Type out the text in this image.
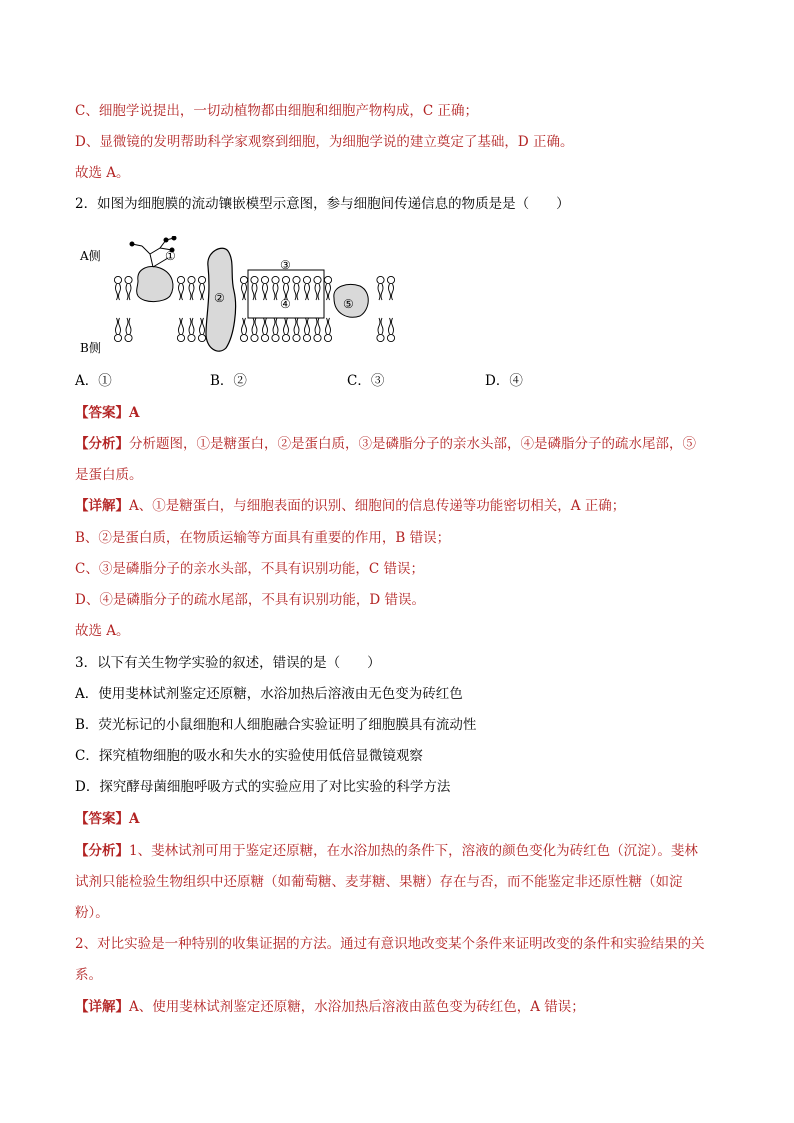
C、细胞学说提出，一切动植物都由细胞和细胞产物构成，C 正确；
D、显微镜的发明帮助科学家观察到细胞，为细胞学说的建立奠定了基础，D 正确。
故选 A。
2．如图为细胞膜的流动镶嵌模型示意图，参与细胞间传递信息的物质是是（　　）
A侧
B侧
①
②
③
④	⑤
A．①	B．②	C．③	D．④
【答案】A
【分析】分析题图，①是糖蛋白，②是蛋白质，③是磷脂分子的亲水头部，④是磷脂分子的疏水尾部，⑤
是蛋白质。
【详解】A、①是糖蛋白，与细胞表面的识别、细胞间的信息传递等功能密切相关，A 正确；
B、②是蛋白质，在物质运输等方面具有重要的作用，B 错误；
C、③是磷脂分子的亲水头部，不具有识别功能，C 错误；
D、④是磷脂分子的疏水尾部，不具有识别功能，D 错误。
故选 A。
3．以下有关生物学实验的叙述，错误的是（　　）
A．使用斐林试剂鉴定还原糖，水浴加热后溶液由无色变为砖红色
B．荧光标记的小鼠细胞和人细胞融合实验证明了细胞膜具有流动性
C．探究植物细胞的吸水和失水的实验使用低倍显微镜观察
D．探究酵母菌细胞呼吸方式的实验应用了对比实验的科学方法
【答案】A
【分析】1、斐林试剂可用于鉴定还原糖，在水浴加热的条件下，溶液的颜色变化为砖红色（沉淀）。斐林
试剂只能检验生物组织中还原糖（如葡萄糖、麦芽糖、果糖）存在与否，而不能鉴定非还原性糖（如淀
粉）。
2、对比实验是一种特别的收集证据的方法。通过有意识地改变某个条件来证明改变的条件和实验结果的关
系。
【详解】A、使用斐林试剂鉴定还原糖，水浴加热后溶液由蓝色变为砖红色，A 错误；
